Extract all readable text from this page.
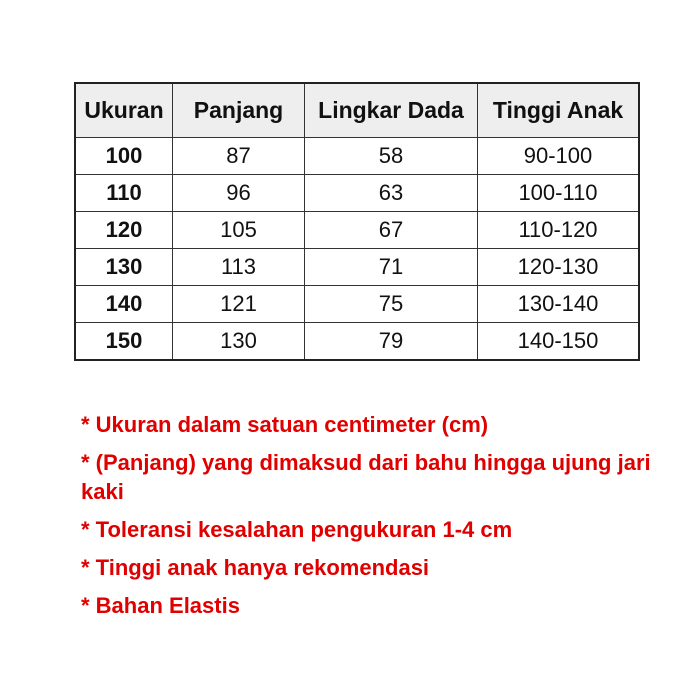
Ukuran	Panjang	Lingkar Dada	Tinggi Anak
100	87	58	90-100
110	96	63	100-110
120	105	67	110-120
130	113	71	120-130
140	121	75	130-140
150	130	79	140-150
* Ukuran dalam satuan centimeter (cm)
* (Panjang) yang dimaksud dari bahu hingga ujung jari kaki
* Toleransi kesalahan pengukuran 1-4 cm
* Tinggi anak hanya rekomendasi
* Bahan Elastis
